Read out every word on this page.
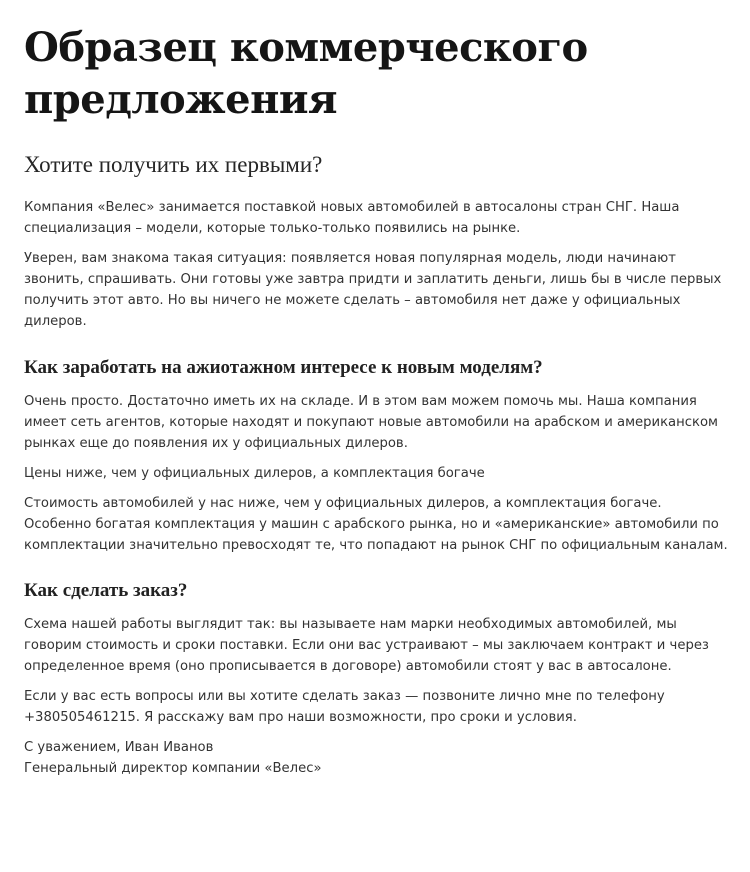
Образец коммерческого
предложения
Хотите получить их первыми?

Компания «Велес» занимается поставкой новых автомобилей в автосалоны стран СНГ. Наша специализация – модели, которые только-только появились на рынке.

Уверен, вам знакома такая ситуация: появляется новая популярная модель, люди начинают звонить, спрашивать. Они готовы уже завтра придти и заплатить деньги, лишь бы в числе первых получить этот авто. Но вы ничего не можете сделать – автомобиля нет даже у официальных дилеров.

Как заработать на ажиотажном интересе к новым моделям?

Очень просто. Достаточно иметь их на складе. И в этом вам можем помочь мы. Наша компания имеет сеть агентов, которые находят и покупают новые автомобили на арабском и американском рынках еще до появления их у официальных дилеров.

Цены ниже, чем у официальных дилеров, а комплектация богаче

Стоимость автомобилей у нас ниже, чем у официальных дилеров, а комплектация богаче. Особенно богатая комплектация у машин с арабского рынка, но и «американские» автомобили по комплектации значительно превосходят те, что попадают на рынок СНГ по официальным каналам.

Как сделать заказ?

Схема нашей работы выглядит так: вы называете нам марки необходимых автомобилей, мы говорим стоимость и сроки поставки. Если они вас устраивают – мы заключаем контракт и через определенное время (оно прописывается в договоре) автомобили стоят у вас в автосалоне.

Если у вас есть вопросы или вы хотите сделать заказ — позвоните лично мне по телефону +380505461215. Я расскажу вам про наши возможности, про сроки и условия.

С уважением, Иван Иванов
Генеральный директор компании «Велес»
